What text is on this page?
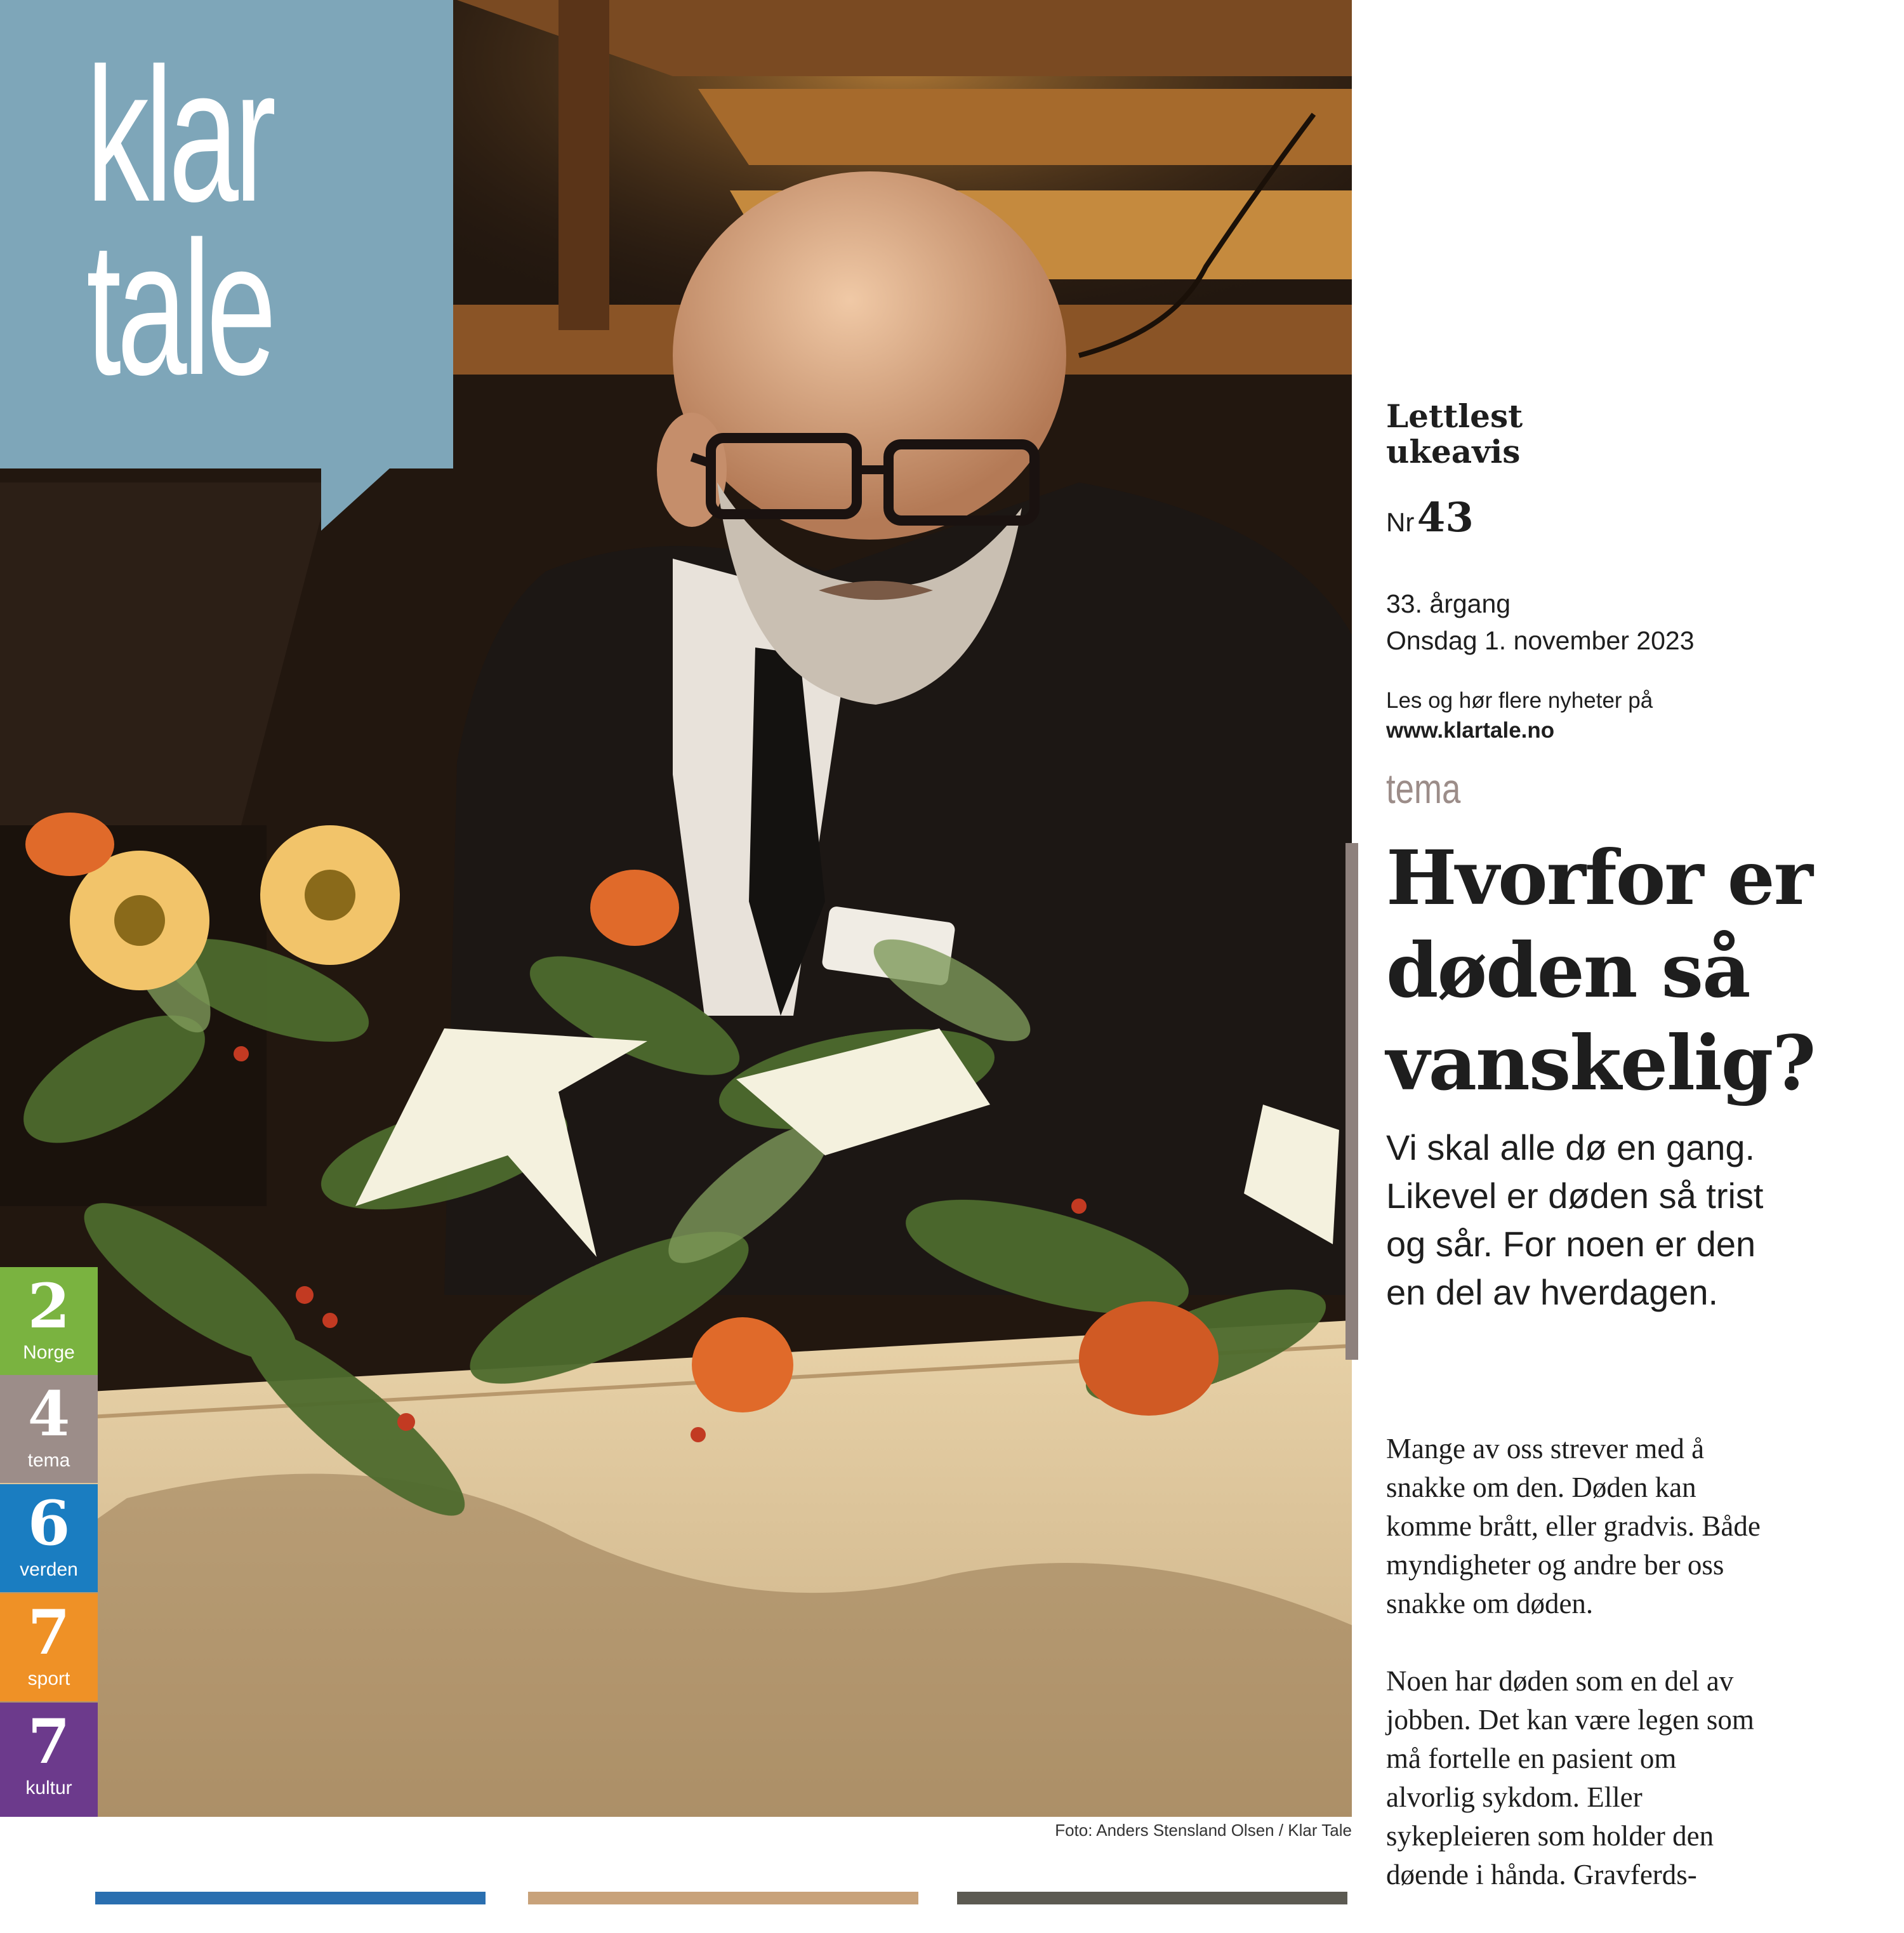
klar
tale
2
Norge
4
tema
6
verden
7
sport
7
kultur
Foto: Anders Stensland Olsen / Klar Tale
Lettlest
ukeavis
Nr 43
33. årgang
Onsdag 1. november 2023
Les og hør flere nyheter på
www.klartale.no
tema
Hvorfor er
døden så
vanskelig?
Vi skal alle dø en gang. Likevel er døden så trist og sår. For noen er den en del av hverdagen.

Mange av oss strever med å snakke om den. Døden kan komme brått, eller gradvis. Både myndigheter og andre ber oss snakke om døden.

Noen har døden som en del av jobben. Det kan være legen som må fortelle en pasient om alvorlig sykdom. Eller sykepleieren som holder den døende i hånda. Gravferds-
